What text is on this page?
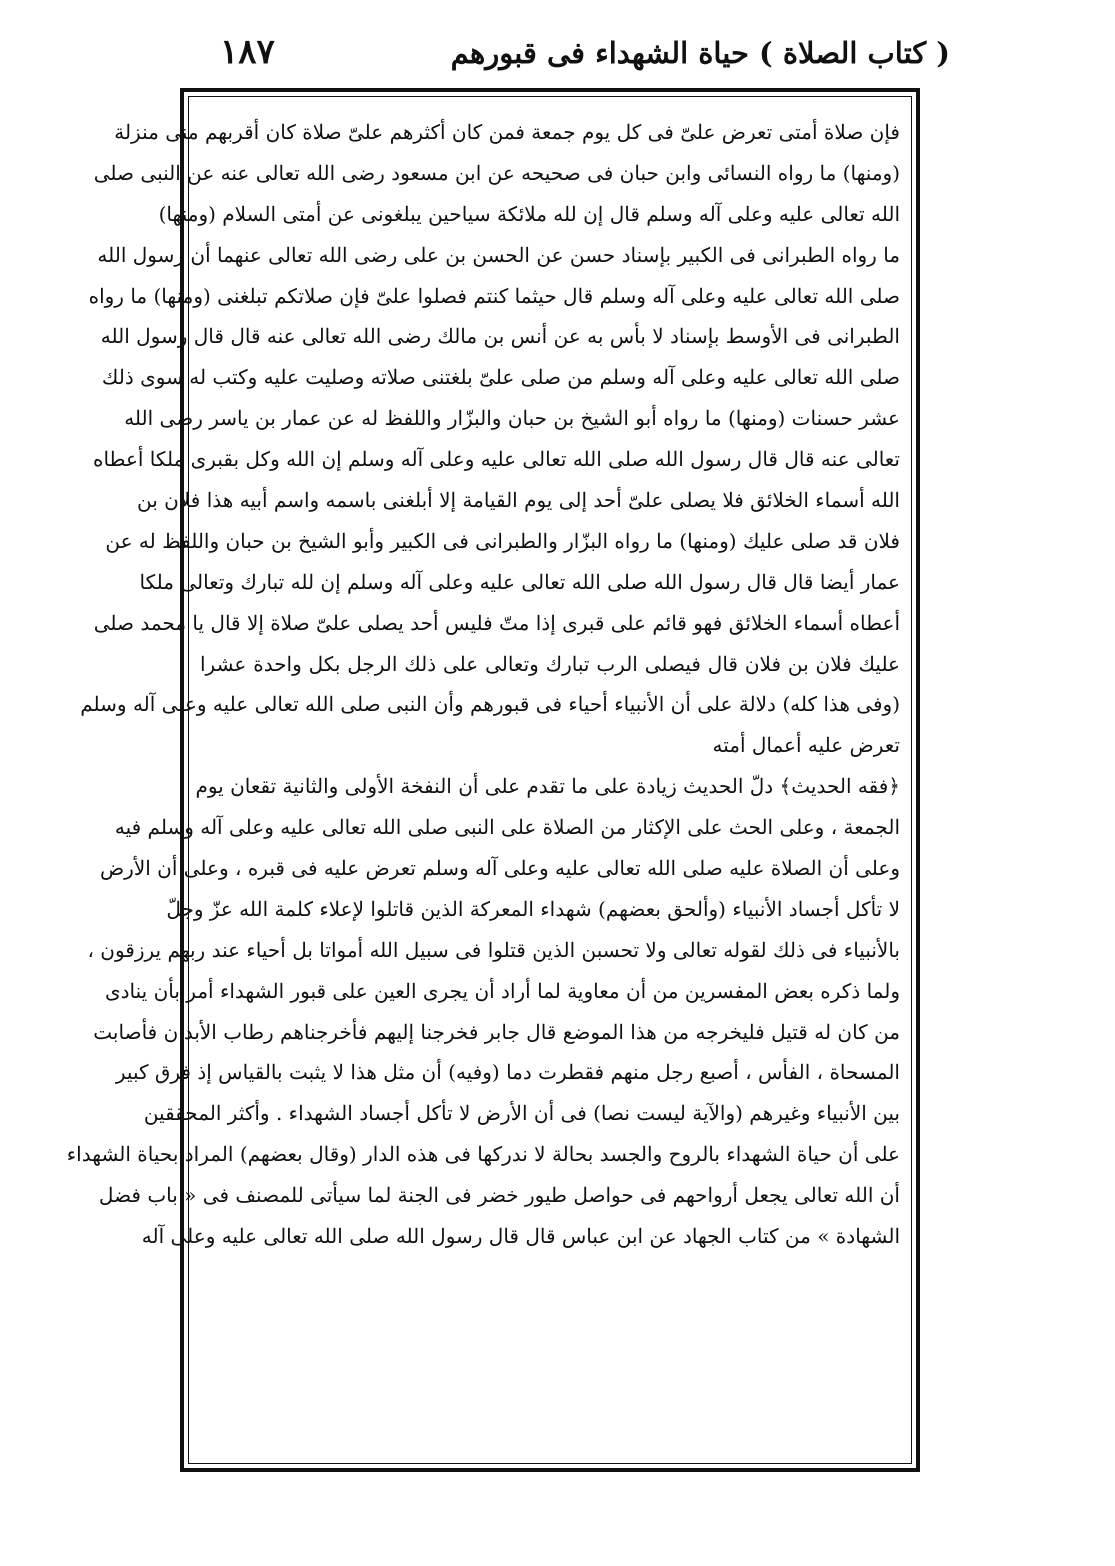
١٨٧	( كتاب الصلاة ) حياة الشهداء فى قبورهم
فإن صلاة أمتى تعرض علىّ فى كل يوم جمعة فمن كان أكثرهم علىّ صلاة كان أقربهم منى منزلة
(ومنها) ما رواه النسائى وابن حبان فى صحيحه عن ابن مسعود رضى الله تعالى عنه عن النبى صلى
الله تعالى عليه وعلى آله وسلم قال إن لله ملائكة سياحين يبلغونى عن أمتى السلام (ومنها)
ما رواه الطبرانى فى الكبير بإسناد حسن عن الحسن بن على رضى الله تعالى عنهما أن رسول الله
صلى الله تعالى عليه وعلى آله وسلم قال حيثما كنتم فصلوا علىّ فإن صلاتكم تبلغنى (ومنها) ما رواه
الطبرانى فى الأوسط بإسناد لا بأس به عن أنس بن مالك رضى الله تعالى عنه قال قال رسول الله
صلى الله تعالى عليه وعلى آله وسلم من صلى علىّ بلغتنى صلاته وصليت عليه وكتب له سوى ذلك
عشر حسنات (ومنها) ما رواه أبو الشيخ بن حبان والبزّار واللفظ له عن عمار بن ياسر رضى الله
تعالى عنه قال قال رسول الله صلى الله تعالى عليه وعلى آله وسلم إن الله وكل بقبرى ملكا أعطاه
الله أسماء الخلائق فلا يصلى علىّ أحد إلى يوم القيامة إلا أبلغنى باسمه واسم أبيه هذا فلان بن
فلان قد صلى عليك (ومنها) ما رواه البزّار والطبرانى فى الكبير وأبو الشيخ بن حبان واللفظ له عن
عمار أيضا قال قال رسول الله صلى الله تعالى عليه وعلى آله وسلم إن لله تبارك وتعالى ملكا
أعطاه أسماء الخلائق فهو قائم على قبرى إذا متّ فليس أحد يصلى علىّ صلاة إلا قال يا محمد صلى
عليك فلان بن فلان قال فيصلى الرب تبارك وتعالى على ذلك الرجل بكل واحدة عشرا
(وفى هذا كله) دلالة على أن الأنبياء أحياء فى قبورهم وأن النبى صلى الله تعالى عليه وعلى آله وسلم
تعرض عليه أعمال أمته
﴿فقه الحديث﴾ دلّ الحديث زيادة على ما تقدم على أن النفخة الأولى والثانية تقعان يوم
الجمعة ، وعلى الحث على الإكثار من الصلاة على النبى صلى الله تعالى عليه وعلى آله وسلم فيه
وعلى أن الصلاة عليه صلى الله تعالى عليه وعلى آله وسلم تعرض عليه فى قبره ، وعلى أن الأرض
لا تأكل أجساد الأنبياء (وألحق بعضهم) شهداء المعركة الذين قاتلوا لإعلاء كلمة الله عزّ وجلّ
بالأنبياء فى ذلك لقوله تعالى ولا تحسبن الذين قتلوا فى سبيل الله أمواتا بل أحياء عند ربهم يرزقون ،
ولما ذكره بعض المفسرين من أن معاوية لما أراد أن يجرى العين على قبور الشهداء أمر بأن ينادى
من كان له قتيل فليخرجه من هذا الموضع قال جابر فخرجنا إليهم فأخرجناهم رطاب الأبدان فأصابت
المسحاة ، الفأس ، أصبع رجل منهم فقطرت دما (وفيه) أن مثل هذا لا يثبت بالقياس إذ فرق كبير
بين الأنبياء وغيرهم (والآية ليست نصا) فى أن الأرض لا تأكل أجساد الشهداء . وأكثر المحققين
على أن حياة الشهداء بالروح والجسد بحالة لا ندركها فى هذه الدار (وقال بعضهم) المراد بحياة الشهداء
أن الله تعالى يجعل أرواحهم فى حواصل طيور خضر فى الجنة لما سيأتى للمصنف فى « باب فضل
الشهادة » من كتاب الجهاد عن ابن عباس قال قال رسول الله صلى الله تعالى عليه وعلى آله
